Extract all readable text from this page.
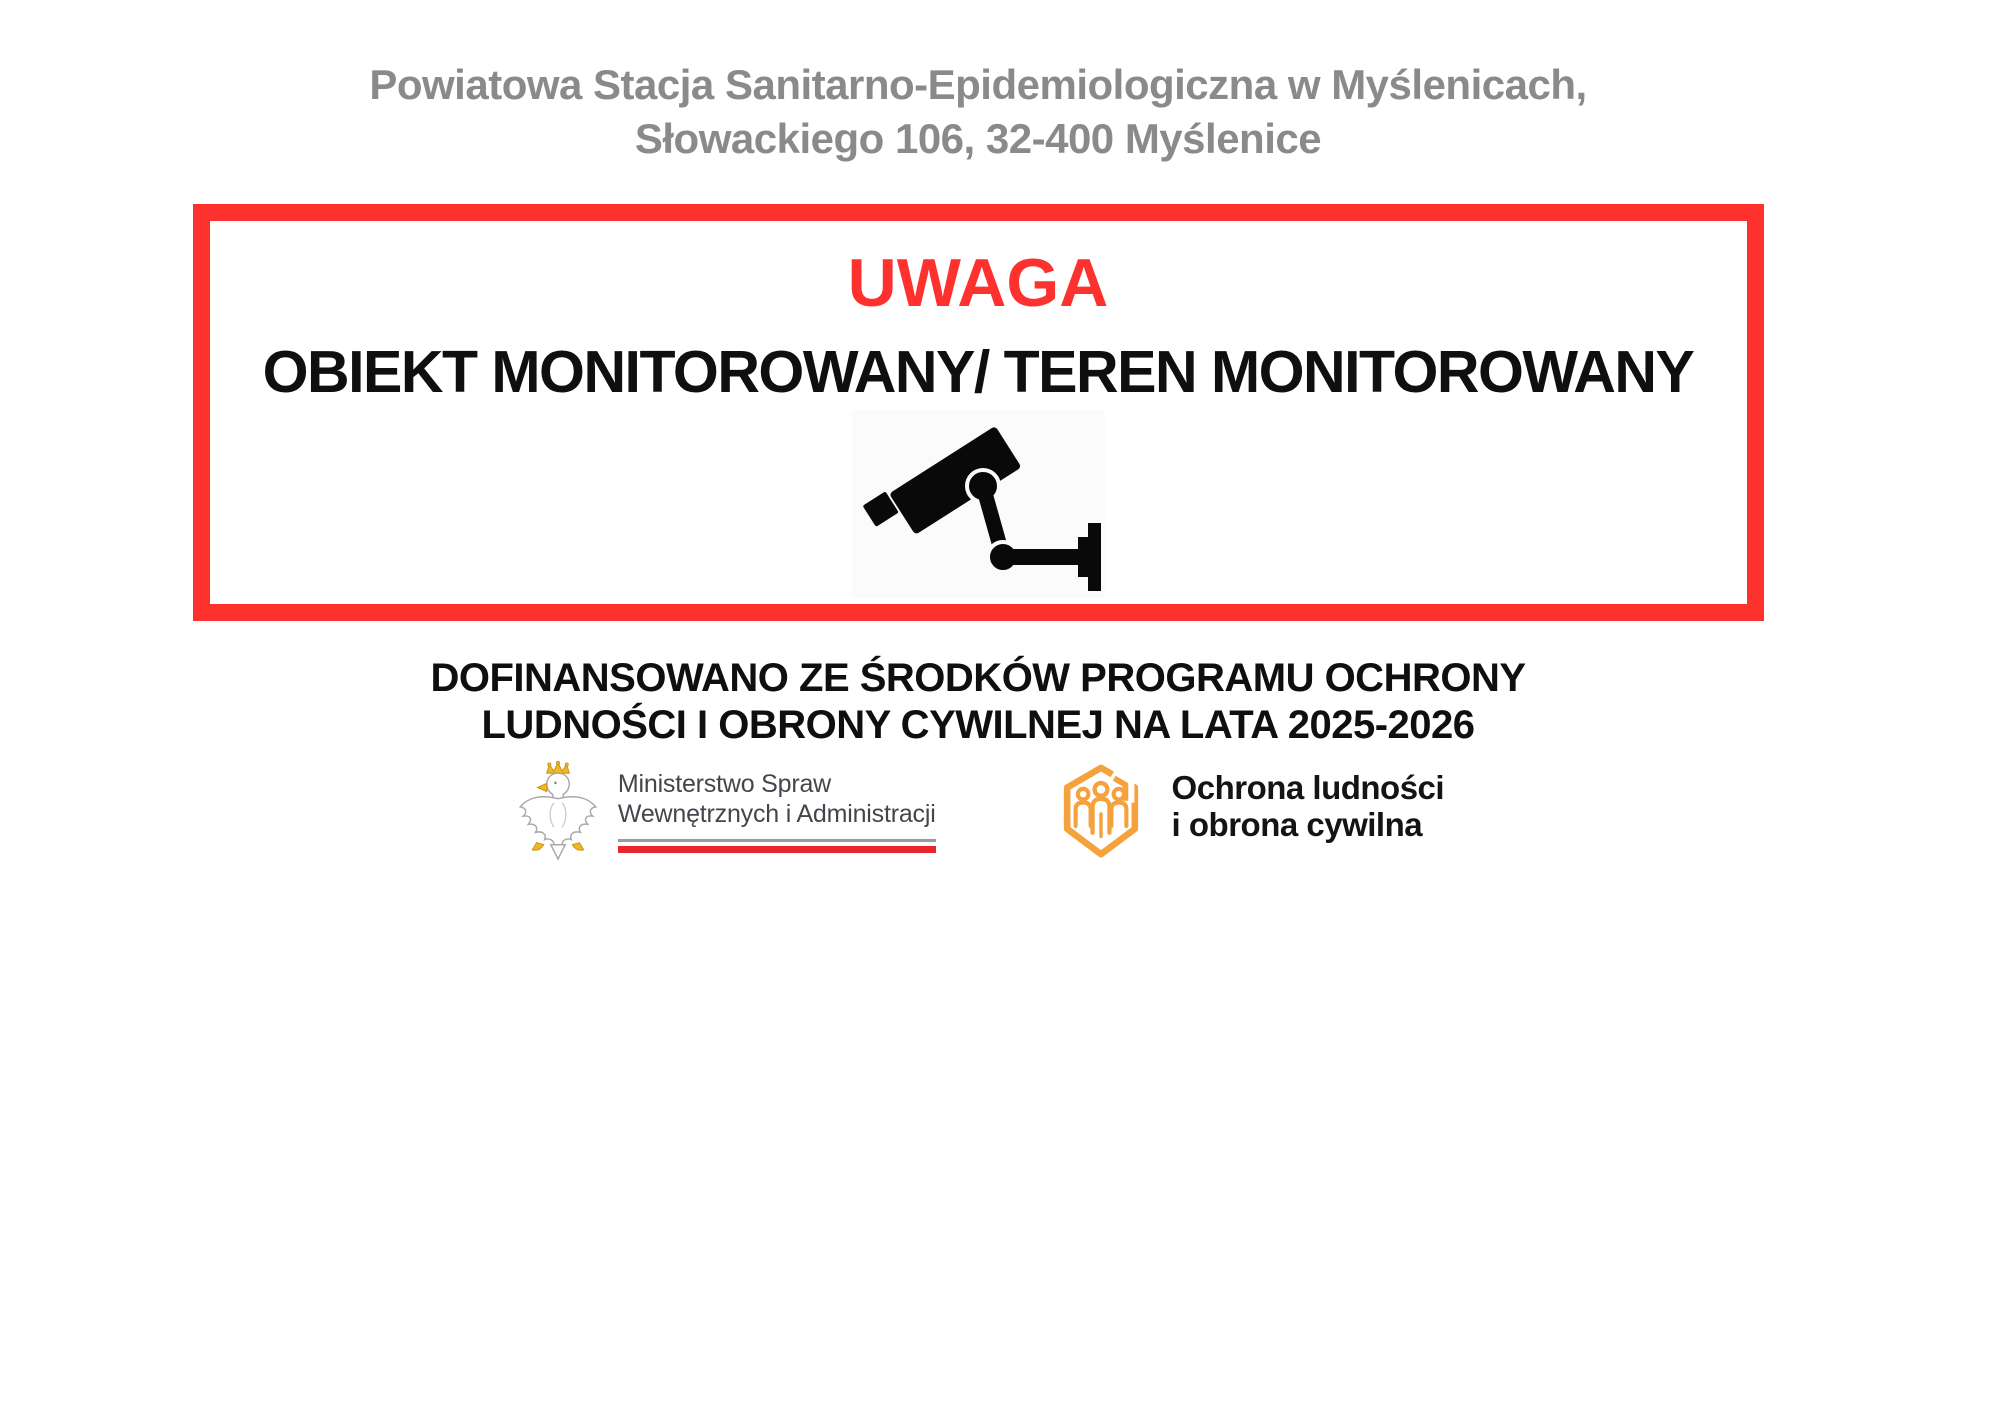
Powiatowa Stacja Sanitarno-Epidemiologiczna w Myślenicach,
Słowackiego 106, 32-400 Myślenice
UWAGA
OBIEKT MONITOROWANY/ TEREN MONITOROWANY
DOFINANSOWANO ZE ŚRODKÓW PROGRAMU OCHRONY
LUDNOŚCI I OBRONY CYWILNEJ NA LATA 2025-2026
Ministerstwo Spraw
Wewnętrznych i Administracji
Ochrona ludności
i obrona cywilna
